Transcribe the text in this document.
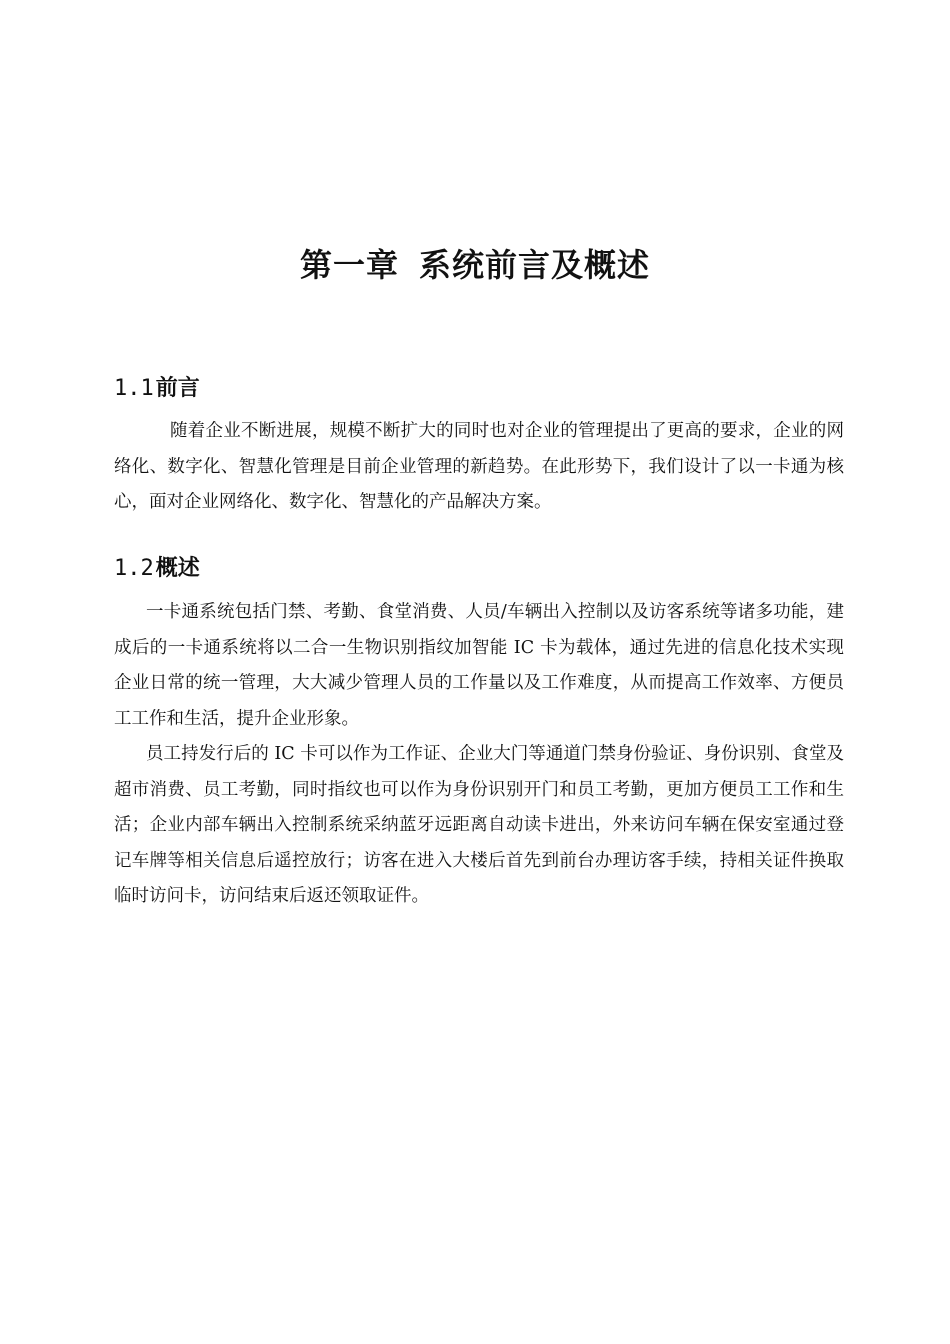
第一章 系统前言及概述
1.1前言

随着企业不断进展，规模不断扩大的同时也对企业的管理提出了更高的要求，企业的网络化、数字化、智慧化管理是目前企业管理的新趋势。在此形势下，我们设计了以一卡通为核心，面对企业网络化、数字化、智慧化的产品解决方案。

1.2概述

一卡通系统包括门禁、考勤、食堂消费、人员/车辆出入控制以及访客系统等诸多功能，建成后的一卡通系统将以二合一生物识别指纹加智能 IC 卡为载体，通过先进的信息化技术实现企业日常的统一管理，大大减少管理人员的工作量以及工作难度，从而提高工作效率、方便员工工作和生活，提升企业形象。

员工持发行后的 IC 卡可以作为工作证、企业大门等通道门禁身份验证、身份识别、食堂及超市消费、员工考勤，同时指纹也可以作为身份识别开门和员工考勤，更加方便员工工作和生活；企业内部车辆出入控制系统采纳蓝牙远距离自动读卡进出，外来访问车辆在保安室通过登记车牌等相关信息后遥控放行；访客在进入大楼后首先到前台办理访客手续，持相关证件换取临时访问卡，访问结束后返还领取证件。
